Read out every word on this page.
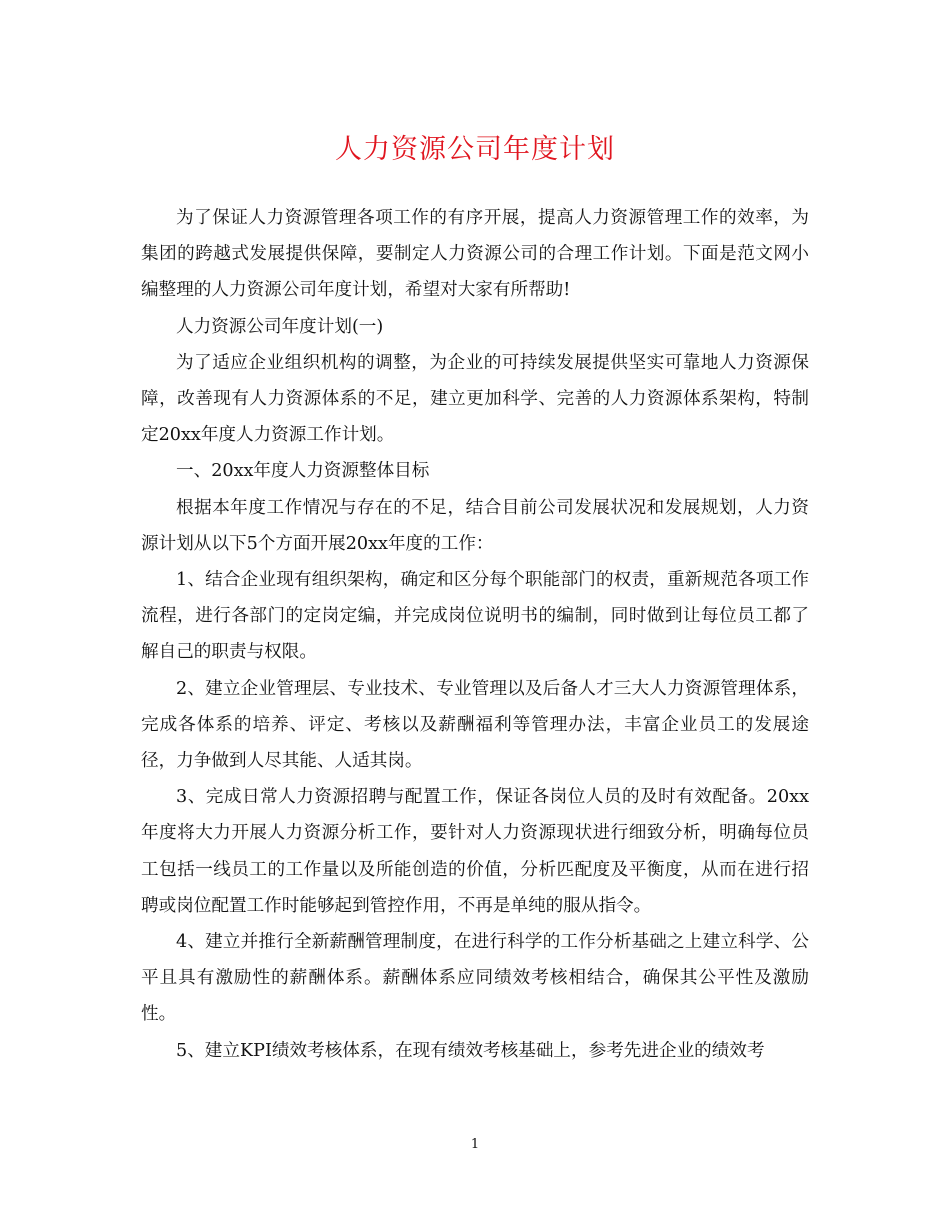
人力资源公司年度计划

为了保证人力资源管理各项工作的有序开展，提高人力资源管理工作的效率，为集团的跨越式发展提供保障，要制定人力资源公司的合理工作计划。下面是范文网小编整理的人力资源公司年度计划，希望对大家有所帮助!

人力资源公司年度计划(一)

为了适应企业组织机构的调整，为企业的可持续发展提供坚实可靠地人力资源保障，改善现有人力资源体系的不足，建立更加科学、完善的人力资源体系架构，特制定20xx年度人力资源工作计划。

一、20xx年度人力资源整体目标

根据本年度工作情况与存在的不足，结合目前公司发展状况和发展规划，人力资源计划从以下5个方面开展20xx年度的工作：

1、结合企业现有组织架构，确定和区分每个职能部门的权责，重新规范各项工作流程，进行各部门的定岗定编，并完成岗位说明书的编制，同时做到让每位员工都了解自己的职责与权限。

2、建立企业管理层、专业技术、专业管理以及后备人才三大人力资源管理体系，完成各体系的培养、评定、考核以及薪酬福利等管理办法，丰富企业员工的发展途径，力争做到人尽其能、人适其岗。

3、完成日常人力资源招聘与配置工作，保证各岗位人员的及时有效配备。20xx年度将大力开展人力资源分析工作，要针对人力资源现状进行细致分析，明确每位员工包括一线员工的工作量以及所能创造的价值，分析匹配度及平衡度，从而在进行招聘或岗位配置工作时能够起到管控作用，不再是单纯的服从指令。

4、建立并推行全新薪酬管理制度，在进行科学的工作分析基础之上建立科学、公平且具有激励性的薪酬体系。薪酬体系应同绩效考核相结合，确保其公平性及激励性。

5、建立KPI绩效考核体系，在现有绩效考核基础上，参考先进企业的绩效考

1
